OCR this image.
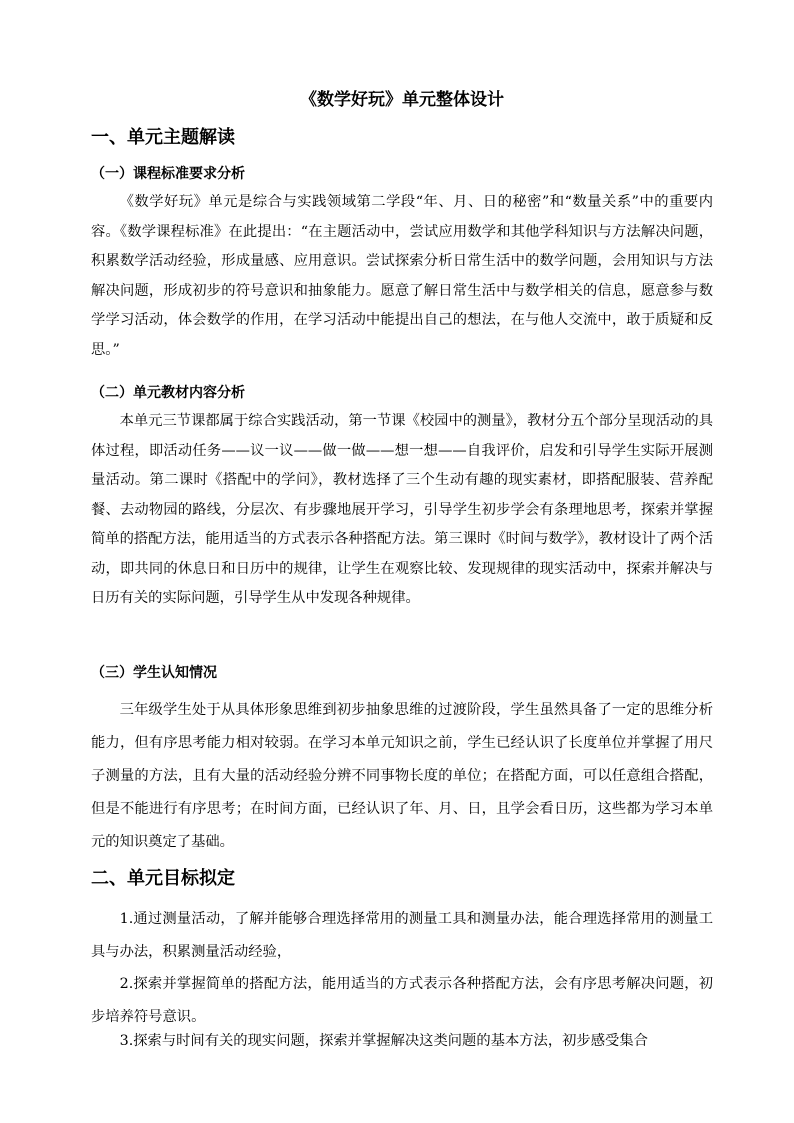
《数学好玩》单元整体设计
一、单元主题解读
（一）课程标准要求分析

《数学好玩》单元是综合与实践领域第二学段“年、月、日的秘密”和“数量关系”中的重要内容。《数学课程标准》在此提出：“在主题活动中，尝试应用数学和其他学科知识与方法解决问题，积累数学活动经验，形成量感、应用意识。尝试探索分析日常生活中的数学问题，会用知识与方法解决问题，形成初步的符号意识和抽象能力。愿意了解日常生活中与数学相关的信息，愿意参与数学学习活动，体会数学的作用，在学习活动中能提出自己的想法，在与他人交流中，敢于质疑和反思。”

（二）单元教材内容分析

本单元三节课都属于综合实践活动，第一节课《校园中的测量》，教材分五个部分呈现活动的具体过程，即活动任务——议一议——做一做——想一想——自我评价，启发和引导学生实际开展测量活动。第二课时《搭配中的学问》，教材选择了三个生动有趣的现实素材，即搭配服装、营养配餐、去动物园的路线，分层次、有步骤地展开学习，引导学生初步学会有条理地思考，探索并掌握简单的搭配方法，能用适当的方式表示各种搭配方法。第三课时《时间与数学》，教材设计了两个活动，即共同的休息日和日历中的规律，让学生在观察比较、发现规律的现实活动中，探索并解决与日历有关的实际问题，引导学生从中发现各种规律。

（三）学生认知情况

三年级学生处于从具体形象思维到初步抽象思维的过渡阶段，学生虽然具备了一定的思维分析能力，但有序思考能力相对较弱。在学习本单元知识之前，学生已经认识了长度单位并掌握了用尺子测量的方法，且有大量的活动经验分辨不同事物长度的单位；在搭配方面，可以任意组合搭配，但是不能进行有序思考；在时间方面，已经认识了年、月、日，且学会看日历，这些都为学习本单元的知识奠定了基础。

二、单元目标拟定

1.通过测量活动，了解并能够合理选择常用的测量工具和测量办法，能合理选择常用的测量工具与办法，积累测量活动经验，

2.探索并掌握简单的搭配方法，能用适当的方式表示各种搭配方法，会有序思考解决问题，初步培养符号意识。

3.探索与时间有关的现实问题，探索并掌握解决这类问题的基本方法，初步感受集合
